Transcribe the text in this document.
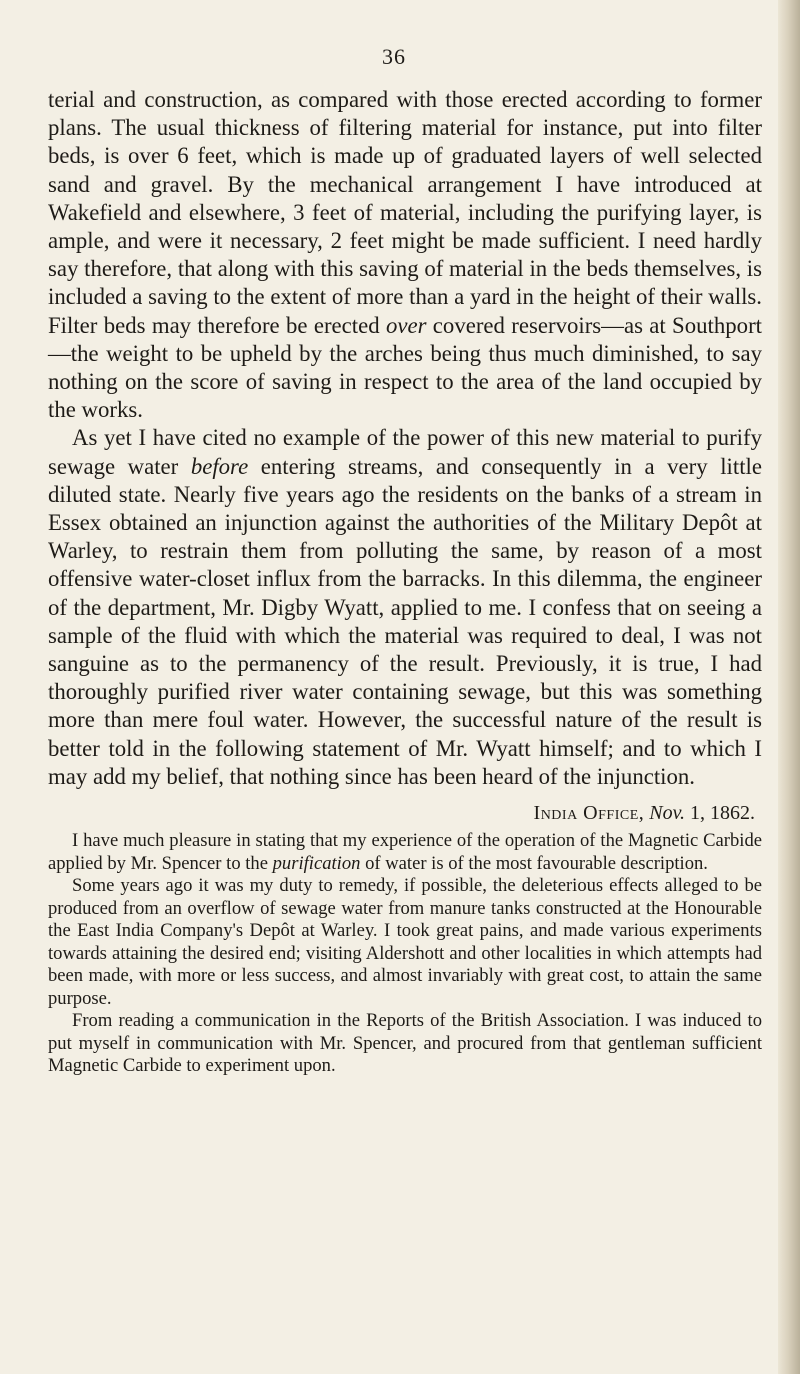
36

terial and construction, as compared with those erected according to former plans. The usual thickness of filtering material for instance, put into filter beds, is over 6 feet, which is made up of graduated layers of well selected sand and gravel. By the mechanical arrangement I have introduced at Wakefield and elsewhere, 3 feet of material, including the purifying layer, is ample, and were it necessary, 2 feet might be made sufficient. I need hardly say therefore, that along with this saving of material in the beds themselves, is included a saving to the extent of more than a yard in the height of their walls. Filter beds may therefore be erected over covered reservoirs—as at Southport—the weight to be upheld by the arches being thus much diminished, to say nothing on the score of saving in respect to the area of the land occupied by the works.

As yet I have cited no example of the power of this new material to purify sewage water before entering streams, and consequently in a very little diluted state. Nearly five years ago the residents on the banks of a stream in Essex obtained an injunction against the authorities of the Military Depôt at Warley, to restrain them from polluting the same, by reason of a most offensive water-closet influx from the barracks. In this dilemma, the engineer of the department, Mr. Digby Wyatt, applied to me. I confess that on seeing a sample of the fluid with which the material was required to deal, I was not sanguine as to the permanency of the result. Previously, it is true, I had thoroughly purified river water containing sewage, but this was something more than mere foul water. However, the successful nature of the result is better told in the following statement of Mr. Wyatt himself; and to which I may add my belief, that nothing since has been heard of the injunction.

India Office, Nov. 1, 1862.

I have much pleasure in stating that my experience of the operation of the Magnetic Carbide applied by Mr. Spencer to the purification of water is of the most favourable description.

Some years ago it was my duty to remedy, if possible, the deleterious effects alleged to be produced from an overflow of sewage water from manure tanks constructed at the Honourable the East India Company's Depôt at Warley. I took great pains, and made various experiments towards attaining the desired end; visiting Aldershott and other localities in which attempts had been made, with more or less success, and almost invariably with great cost, to attain the same purpose.

From reading a communication in the Reports of the British Association. I was induced to put myself in communication with Mr. Spencer, and procured from that gentleman sufficient Magnetic Carbide to experiment upon.
